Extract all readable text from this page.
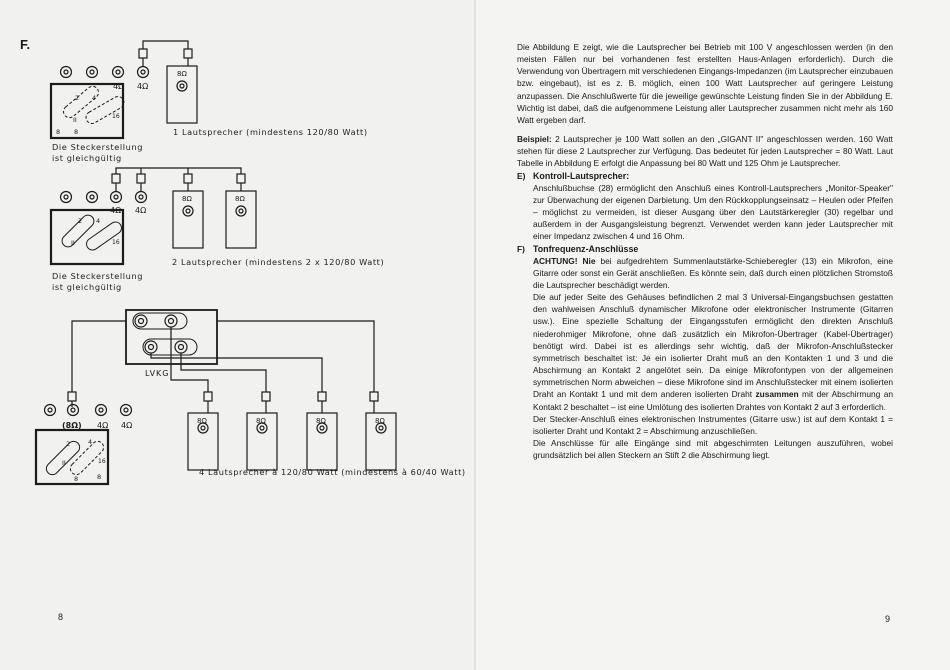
F.
4Ω 4Ω
8Ω
2 4
II	16
8 8
4Ω 4Ω
8Ω	8Ω
2 4
II	16
LVKG
(8Ω) 4Ω 4Ω	8Ω	8Ω	8Ω	8Ω
2	4
II	16
8	8
1 Lautsprecher (mindestens 120/80 Watt)
Die Steckerstellung
ist gleichgültig
2 Lautsprecher (mindestens 2 x 120/80 Watt)
Die Steckerstellung
ist gleichgültig
4 Lautsprecher à 120/80 Watt (mindestens à 60/40 Watt)
8	9

Die Abbildung E zeigt, wie die Lautsprecher bei Betrieb mit 100 V angeschlossen werden (in den meisten Fällen nur bei vorhandenen fest erstellten Haus-Anlagen erforderlich). Durch die Verwendung von Übertragern mit verschiedenen Eingangs-Impedanzen (im Lautsprecher einzubauen bzw. eingebaut), ist es z. B. möglich, einen 100 Watt Lautsprecher auf geringere Leistung anzupassen. Die Anschlußwerte für die jeweilige gewünschte Leistung finden Sie in der Abbildung E. Wichtig ist dabei, daß die aufgenommene Leistung aller Lautsprecher zusammen nicht mehr als 160 Watt ergeben darf.

Beispiel: 2 Lautsprecher je 100 Watt sollen an den „GIGANT II" angeschlossen werden. 160 Watt stehen für diese 2 Lautsprecher zur Verfügung. Das bedeutet für jeden Lautsprecher = 80 Watt. Laut Tabelle in Abbildung E erfolgt die Anpassung bei 80 Watt und 125 Ohm je Lautsprecher.

E) Kontroll-Lautsprecher:

Anschlußbuchse (28) ermöglicht den Anschluß eines Kontroll-Lautsprechers „Monitor-Speaker" zur Überwachung der eigenen Darbietung. Um den Rückkopplungseinsatz – Heulen oder Pfeifen – möglichst zu vermeiden, ist dieser Ausgang über den Lautstärkeregler (30) regelbar und außerdem in der Ausgangsleistung begrenzt. Verwendet werden kann jeder Lautsprecher mit einer Impedanz zwischen 4 und 16 Ohm.

F) Tonfrequenz-Anschlüsse

ACHTUNG! Nie bei aufgedrehtem Summenlautstärke-Schieberegler (13) ein Mikrofon, eine Gitarre oder sonst ein Gerät anschließen. Es könnte sein, daß durch einen plötzlichen Stromstoß die Lautsprecher beschädigt werden.

Die auf jeder Seite des Gehäuses befindlichen 2 mal 3 Universal-Eingangsbuchsen gestatten den wahlweisen Anschluß dynamischer Mikrofone oder elektronischer Instrumente (Gitarren usw.). Eine spezielle Schaltung der Eingangsstufen ermöglicht den direkten Anschluß niederohmiger Mikrofone, ohne daß zusätzlich ein Mikrofon-Übertrager (Kabel-Übertrager) benötigt wird. Dabei ist es allerdings sehr wichtig, daß der Mikrofon-Anschlußstecker symmetrisch beschaltet ist: Je ein isolierter Draht muß an den Kontakten 1 und 3 und die Abschirmung an Kontakt 2 angelötet sein. Da einige Mikrofontypen von der allgemeinen symmetrischen Norm abweichen – diese Mikrofone sind im Anschlußstecker mit einem isolierten Draht an Kontakt 1 und mit dem anderen isolierten Draht zusammen mit der Abschirmung an Kontakt 2 beschaltet – ist eine Umlötung des isolierten Drahtes von Kontakt 2 auf 3 erforderlich.

Der Stecker-Anschluß eines elektronischen Instrumentes (Gitarre usw.) ist auf dem Kontakt 1 = isolierter Draht und Kontakt 2 = Abschirmung anzuschließen.

Die Anschlüsse für alle Eingänge sind mit abgeschirmten Leitungen auszuführen, wobei grundsätzlich bei allen Steckern an Stift 2 die Abschirmung liegt.
